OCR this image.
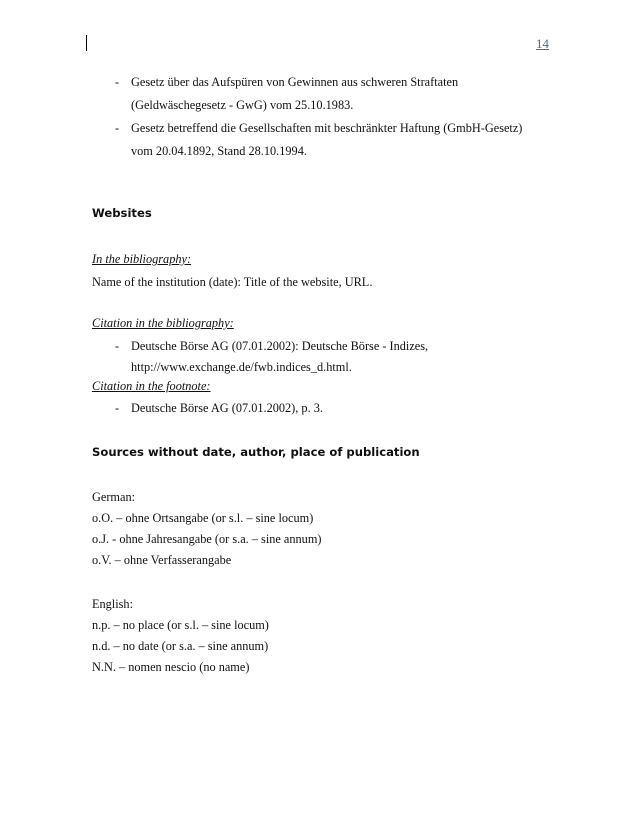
14
- Gesetz über das Aufspüren von Gewinnen aus schweren Straftaten
(Geldwäschegesetz - GwG) vom 25.10.1983.
- Gesetz betreffend die Gesellschaften mit beschränkter Haftung (GmbH-Gesetz)
vom 20.04.1892, Stand 28.10.1994.
Websites
In the bibliography:
Name of the institution (date): Title of the website, URL.
Citation in the bibliography:
- Deutsche Börse AG (07.01.2002): Deutsche Börse - Indizes,
http://www.exchange.de/fwb.indices_d.html.
Citation in the footnote:
- Deutsche Börse AG (07.01.2002), p. 3.
Sources without date, author, place of publication
German:
o.O. – ohne Ortsangabe (or s.l. – sine locum)
o.J. - ohne Jahresangabe (or s.a. – sine annum)
o.V. – ohne Verfasserangabe
English:
n.p. – no place (or s.l. – sine locum)
n.d. – no date (or s.a. – sine annum)
N.N. – nomen nescio (no name)
